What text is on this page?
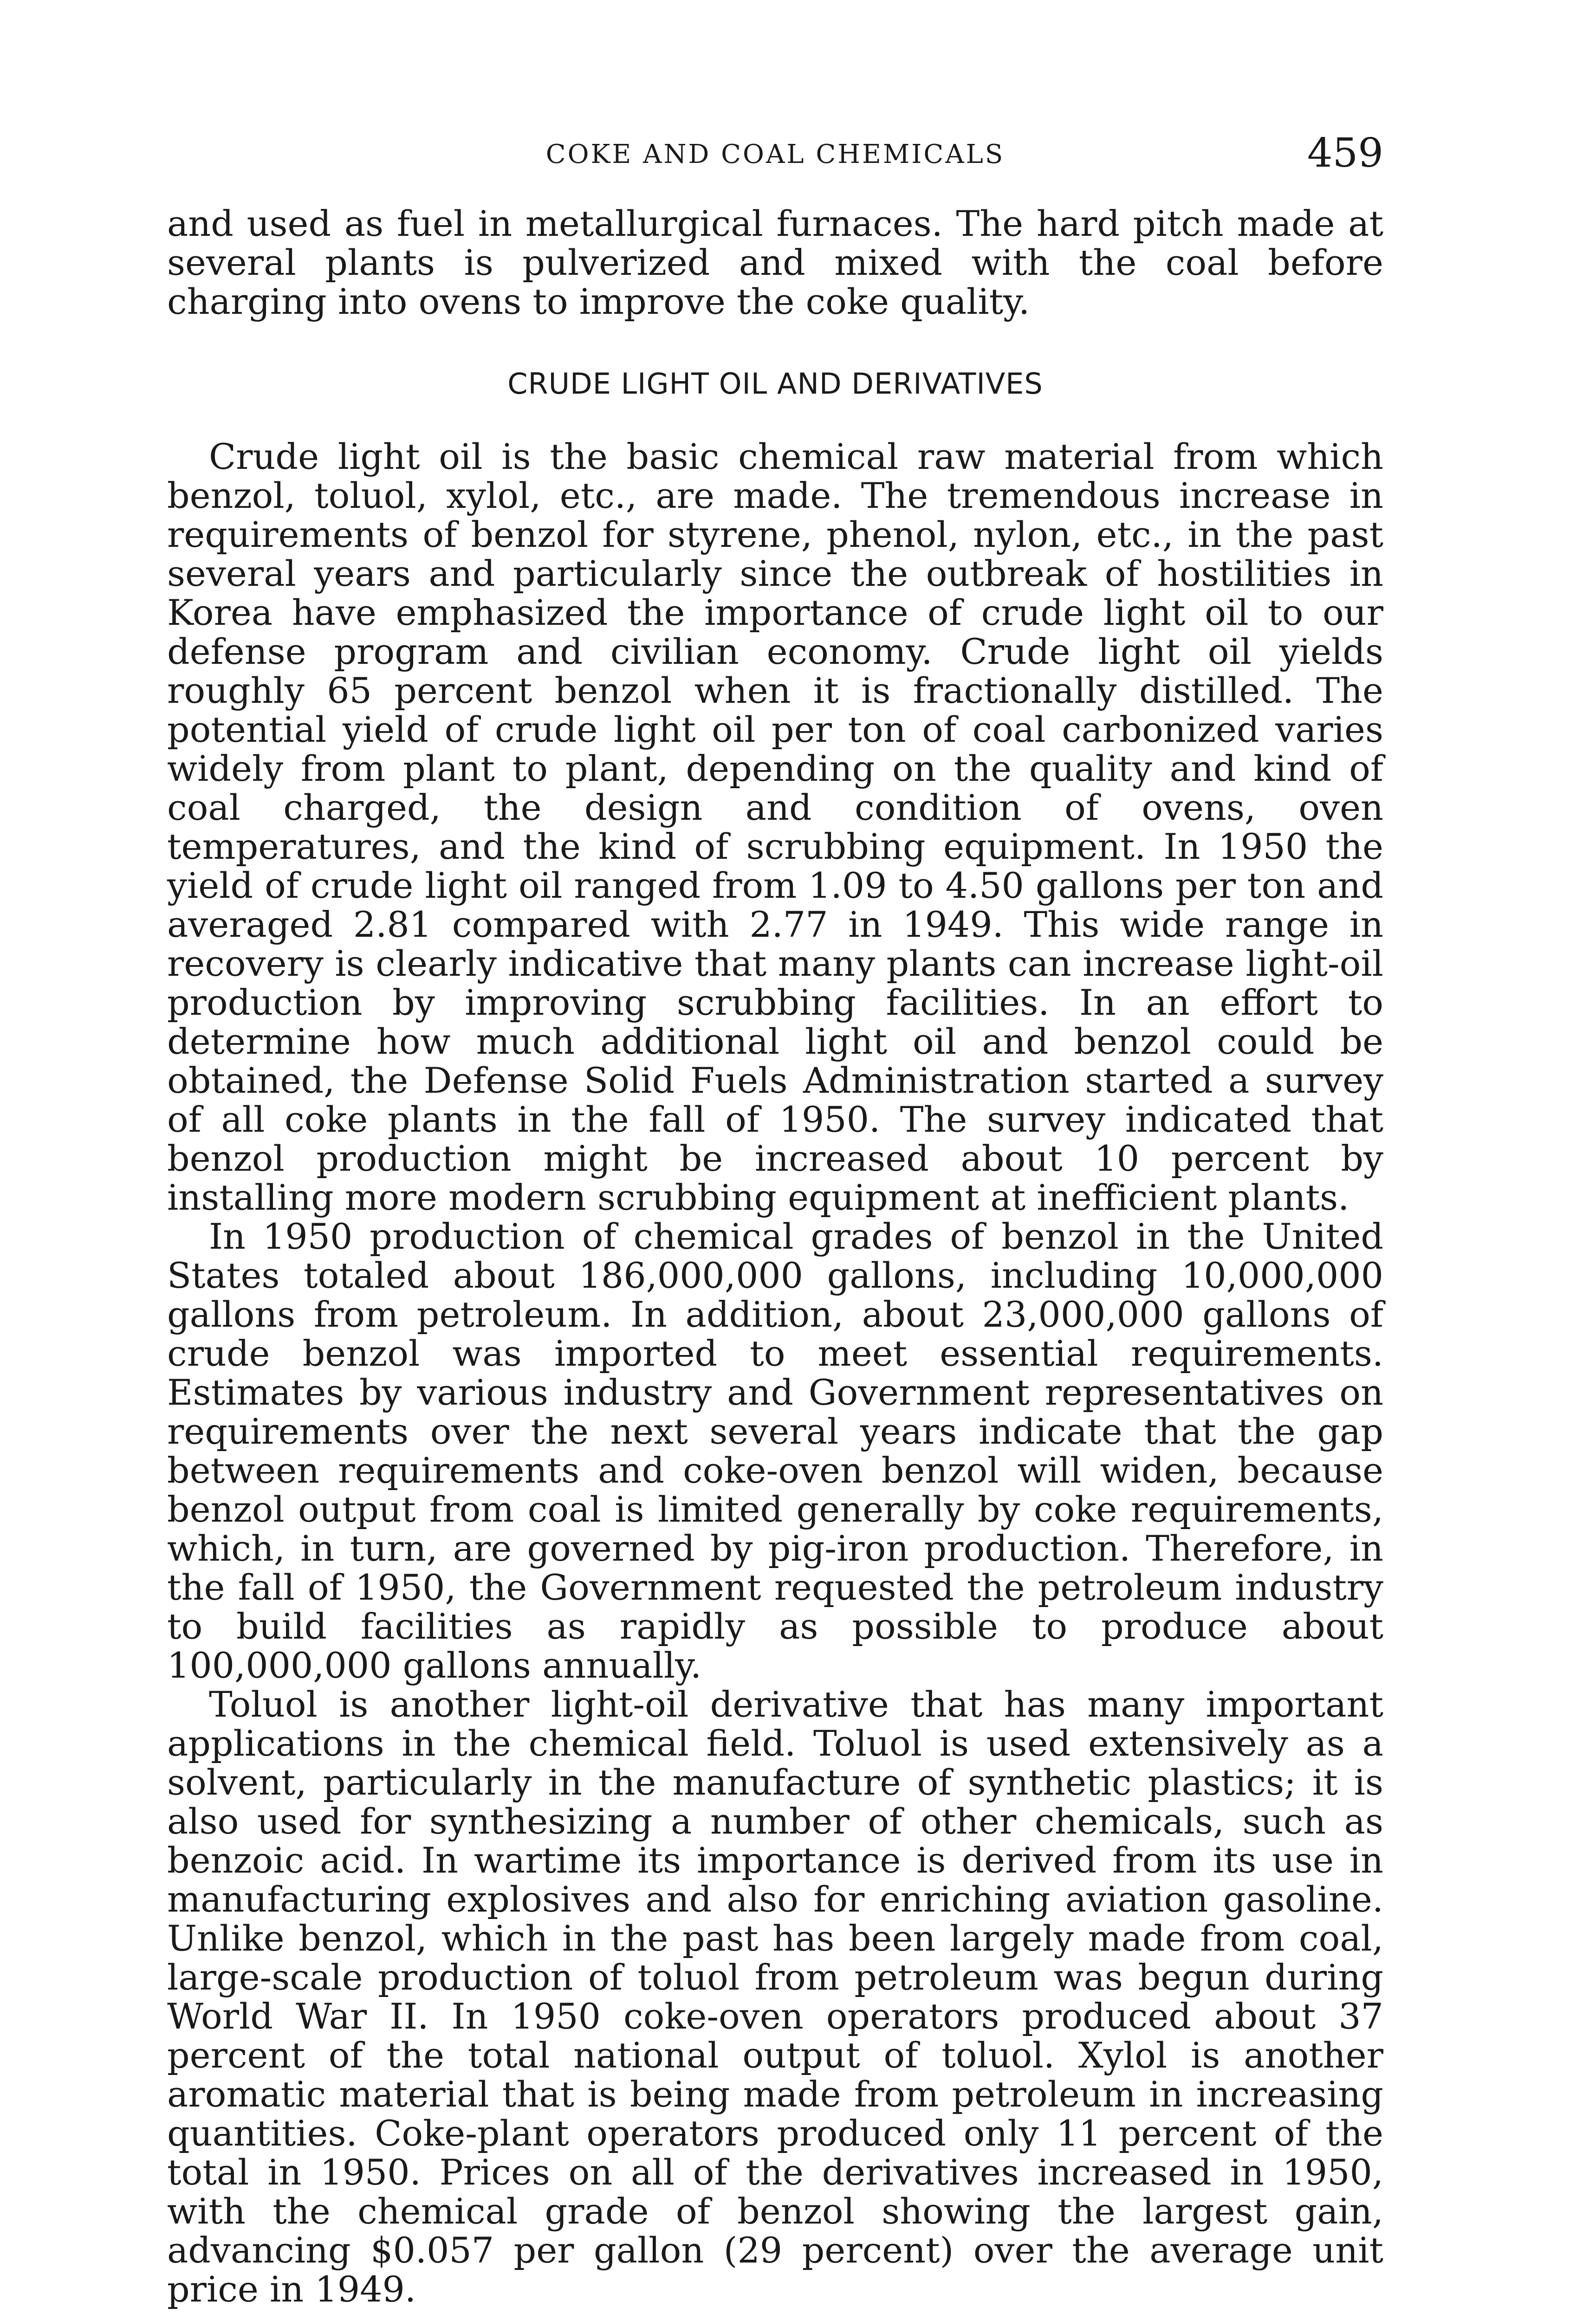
COKE AND COAL CHEMICALS	459

and used as fuel in metallurgical furnaces. The hard pitch made at several plants is pulverized and mixed with the coal before charging into ovens to improve the coke quality.

CRUDE LIGHT OIL AND DERIVATIVES

Crude light oil is the basic chemical raw material from which benzol, toluol, xylol, etc., are made. The tremendous increase in requirements of benzol for styrene, phenol, nylon, etc., in the past several years and particularly since the outbreak of hostilities in Korea have emphasized the importance of crude light oil to our defense program and civilian economy. Crude light oil yields roughly 65 percent benzol when it is fractionally distilled. The potential yield of crude light oil per ton of coal carbonized varies widely from plant to plant, depending on the quality and kind of coal charged, the design and condition of ovens, oven temperatures, and the kind of scrubbing equipment. In 1950 the yield of crude light oil ranged from 1.09 to 4.50 gallons per ton and averaged 2.81 compared with 2.77 in 1949. This wide range in recovery is clearly indicative that many plants can increase light-oil production by improving scrubbing facilities. In an effort to determine how much additional light oil and benzol could be obtained, the Defense Solid Fuels Administration started a survey of all coke plants in the fall of 1950. The survey indicated that benzol production might be increased about 10 percent by installing more modern scrubbing equipment at inefficient plants.

In 1950 production of chemical grades of benzol in the United States totaled about 186,000,000 gallons, including 10,000,000 gallons from petroleum. In addition, about 23,000,000 gallons of crude benzol was imported to meet essential requirements. Estimates by various industry and Government representatives on requirements over the next several years indicate that the gap between requirements and coke-oven benzol will widen, because benzol output from coal is limited generally by coke requirements, which, in turn, are governed by pig-iron production. Therefore, in the fall of 1950, the Government requested the petroleum industry to build facilities as rapidly as possible to produce about 100,000,000 gallons annually.

Toluol is another light-oil derivative that has many important applications in the chemical field. Toluol is used extensively as a solvent, particularly in the manufacture of synthetic plastics; it is also used for synthesizing a number of other chemicals, such as benzoic acid. In wartime its importance is derived from its use in manufacturing explosives and also for enriching aviation gasoline. Unlike benzol, which in the past has been largely made from coal, large-scale production of toluol from petroleum was begun during World War II. In 1950 coke-oven operators produced about 37 percent of the total national output of toluol. Xylol is another aromatic material that is being made from petroleum in increasing quantities. Coke-plant operators produced only 11 percent of the total in 1950. Prices on all of the derivatives increased in 1950, with the chemical grade of benzol showing the largest gain, advancing $0.057 per gallon (29 percent) over the average unit price in 1949.
